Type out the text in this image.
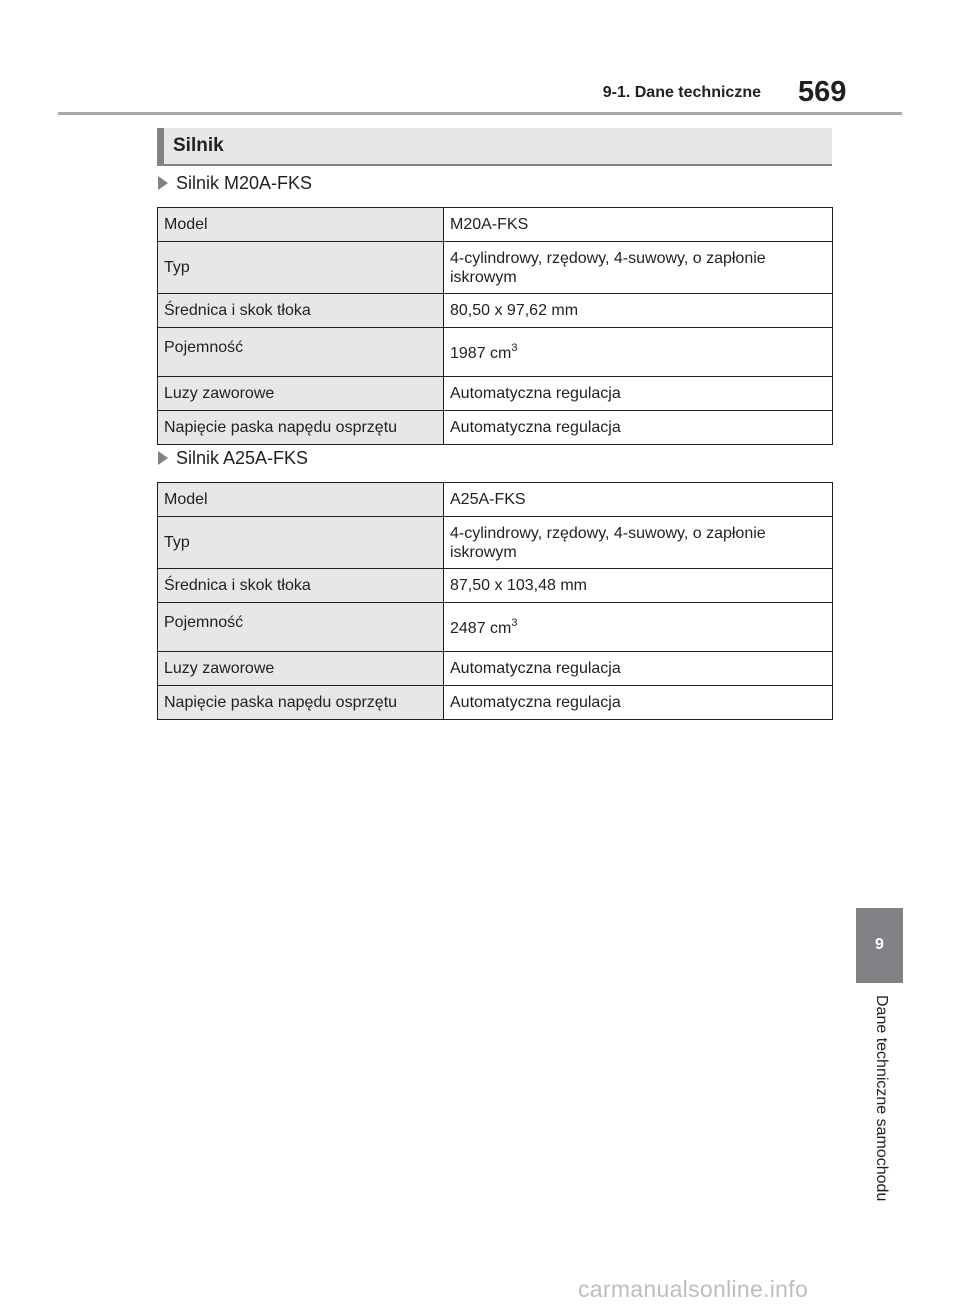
9-1. Dane techniczne 569
Silnik
Silnik M20A-FKS
Model	M20A-FKS
Typ	4-cylindrowy, rzędowy, 4-suwowy, o zapłonie iskrowym
Średnica i skok tłoka	80,50 x 97,62 mm
Pojemność	1987 $cm^3$
Luzy zaworowe	Automatyczna regulacja
Napięcie paska napędu osprzętu	Automatyczna regulacja
Silnik A25A-FKS
Model	A25A-FKS
Typ	4-cylindrowy, rzędowy, 4-suwowy, o zapłonie iskrowym
Średnica i skok tłoka	87,50 x 103,48 mm
Pojemność	2487 $cm^3$
Luzy zaworowe	Automatyczna regulacja
Napięcie paska napędu osprzętu	Automatyczna regulacja
9
Dane techniczne samochodu
carmanualsonline.info
